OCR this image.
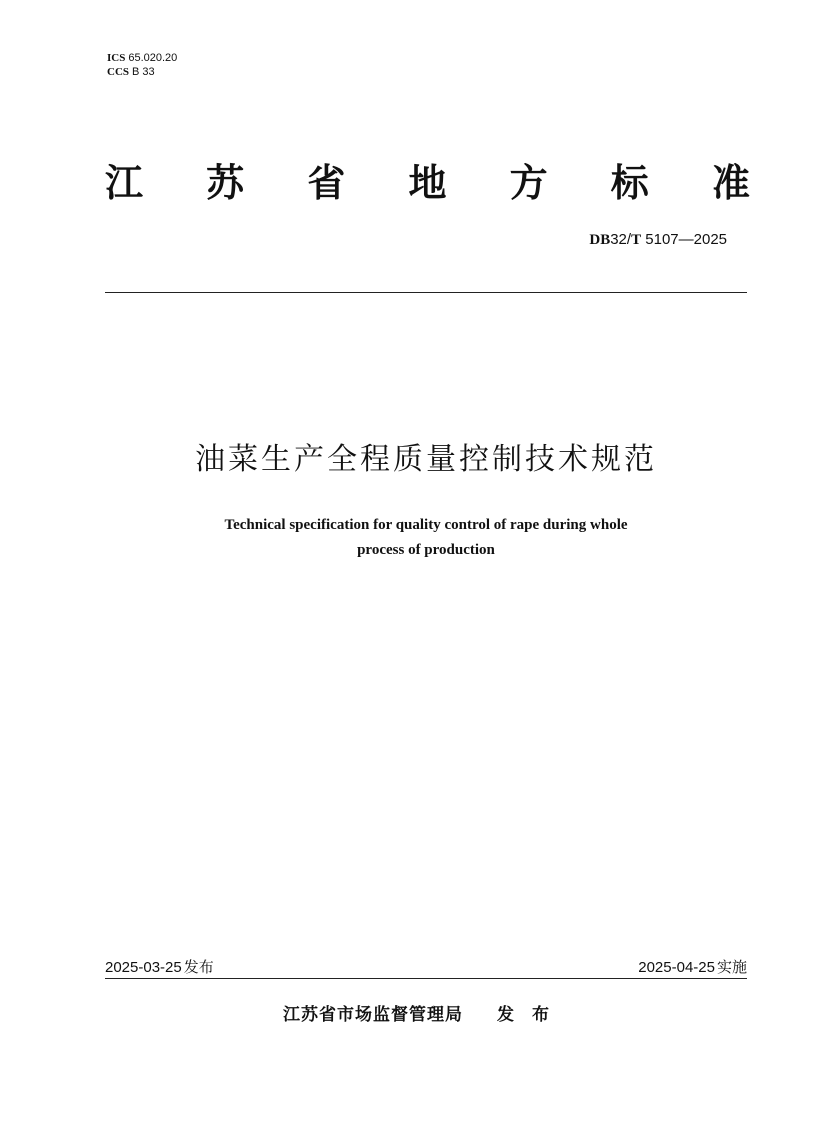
ICS 65.020.20
CCS B 33
江 苏 省 地 方 标 准
DB32/T 5107—2025
油菜生产全程质量控制技术规范
Technical specification for quality control of rape during whole
process of production
2025-03-25 发布	2025-04-25 实施
江苏省市场监督管理局 发布
